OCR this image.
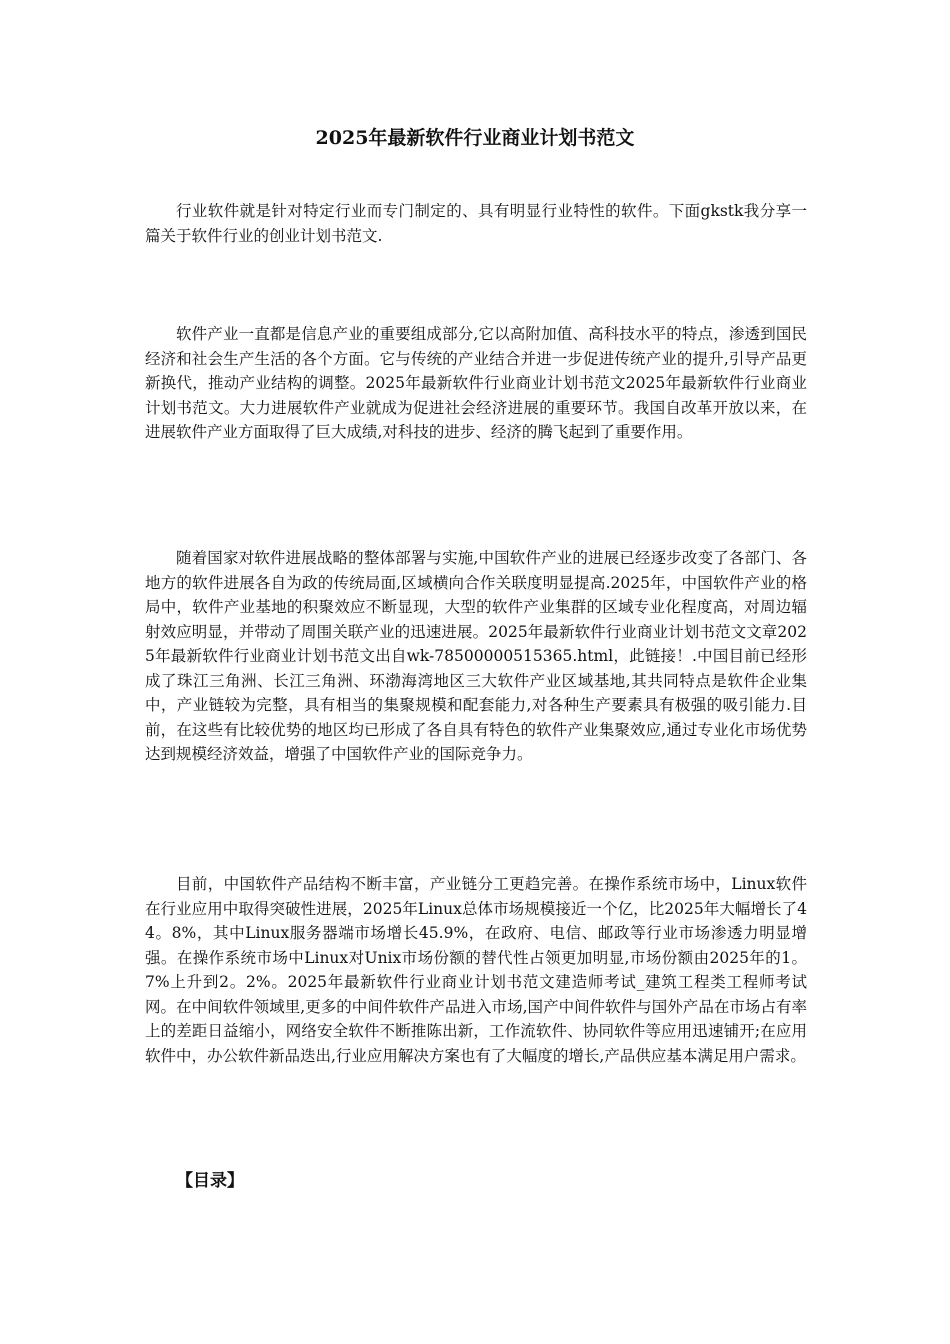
2025年最新软件行业商业计划书范文

行业软件就是针对特定行业而专门制定的、具有明显行业特性的软件。下面gkstk我分享一篇关于软件行业的创业计划书范文.

软件产业一直都是信息产业的重要组成部分,它以高附加值、高科技水平的特点，渗透到国民经济和社会生产生活的各个方面。它与传统的产业结合并进一步促进传统产业的提升,引导产品更新换代，推动产业结构的调整。2025年最新软件行业商业计划书范文2025年最新软件行业商业计划书范文。大力进展软件产业就成为促进社会经济进展的重要环节。我国自改革开放以来，在进展软件产业方面取得了巨大成绩,对科技的进步、经济的腾飞起到了重要作用。

随着国家对软件进展战略的整体部署与实施,中国软件产业的进展已经逐步改变了各部门、各地方的软件进展各自为政的传统局面,区域横向合作关联度明显提高.2025年，中国软件产业的格局中，软件产业基地的积聚效应不断显现，大型的软件产业集群的区域专业化程度高，对周边辐射效应明显，并带动了周围关联产业的迅速进展。2025年最新软件行业商业计划书范文文章2025年最新软件行业商业计划书范文出自wk-78500000515365.html，此链接！.中国目前已经形成了珠江三角洲、长江三角洲、环渤海湾地区三大软件产业区域基地,其共同特点是软件企业集中，产业链较为完整，具有相当的集聚规模和配套能力,对各种生产要素具有极强的吸引能力.目前，在这些有比较优势的地区均已形成了各自具有特色的软件产业集聚效应,通过专业化市场优势达到规模经济效益，增强了中国软件产业的国际竞争力。

目前，中国软件产品结构不断丰富，产业链分工更趋完善。在操作系统市场中，Linux软件在行业应用中取得突破性进展，2025年Linux总体市场规模接近一个亿，比2025年大幅增长了44。8%，其中Linux服务器端市场增长45.9%，在政府、电信、邮政等行业市场渗透力明显增强。在操作系统市场中Linux对Unix市场份额的替代性占领更加明显,市场份额由2025年的1。7%上升到2。2%。2025年最新软件行业商业计划书范文建造师考试_建筑工程类工程师考试网。在中间软件领域里,更多的中间件软件产品进入市场,国产中间件软件与国外产品在市场占有率上的差距日益缩小，网络安全软件不断推陈出新，工作流软件、协同软件等应用迅速铺开;在应用软件中，办公软件新品迭出,行业应用解决方案也有了大幅度的增长,产品供应基本满足用户需求。

【目录】
